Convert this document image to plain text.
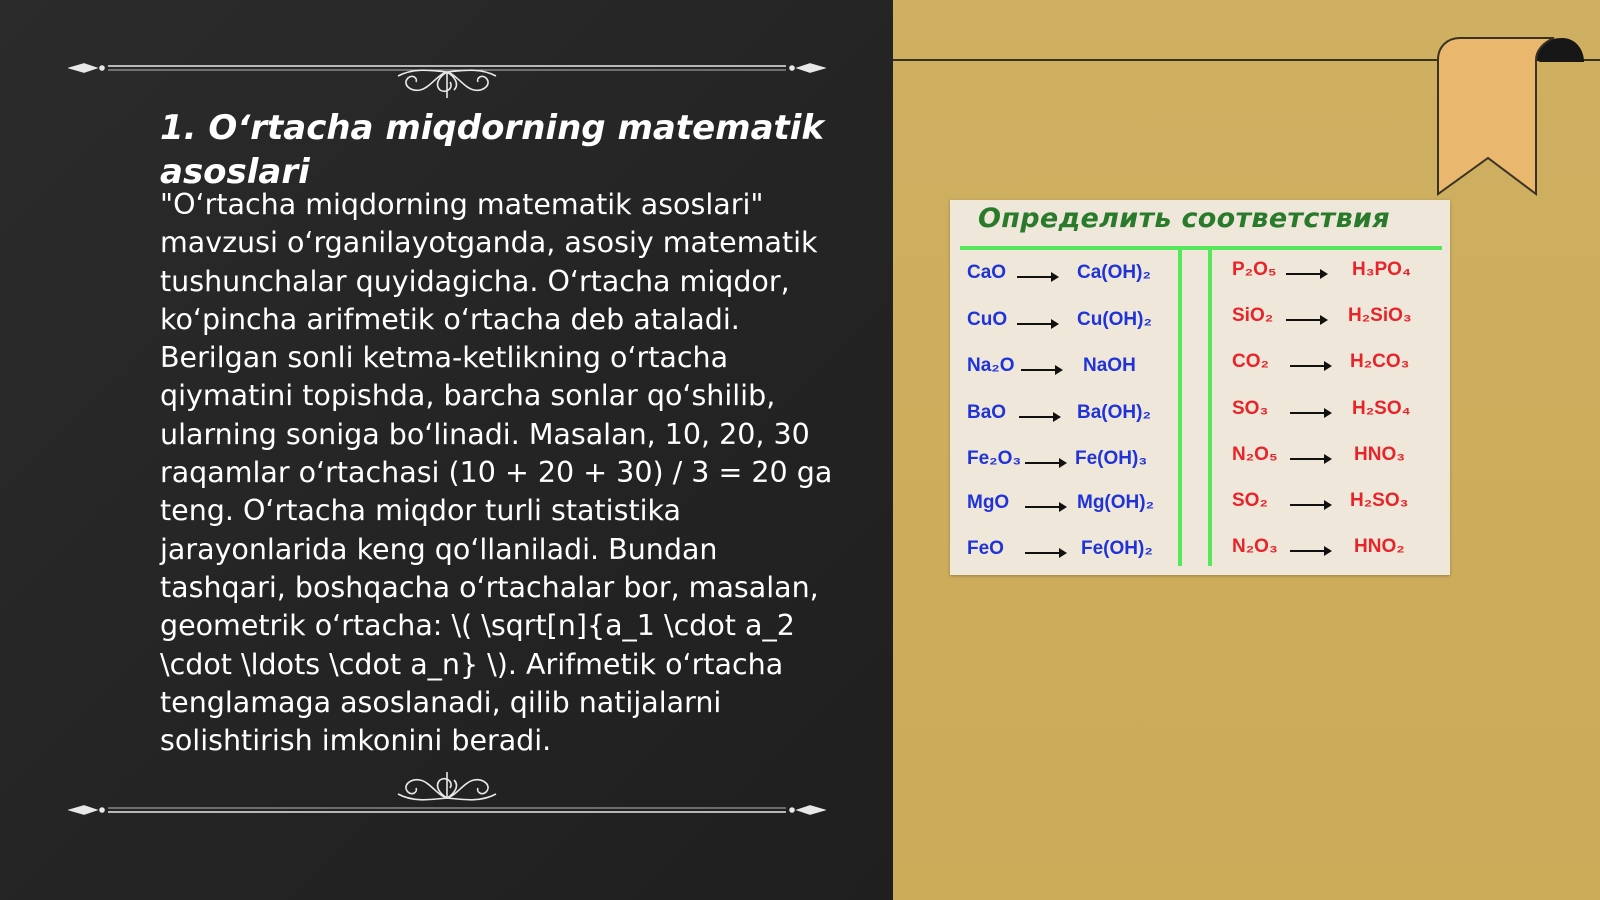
1. O‘rtacha miqdorning matematik asoslari

"O‘rtacha miqdorning matematik asoslari" mavzusi o‘rganilayotganda, asosiy matematik tushunchalar quyidagicha. O‘rtacha miqdor, ko‘pincha arifmetik o‘rtacha deb ataladi. Berilgan sonli ketma-ketlikning o‘rtacha qiymatini topishda, barcha sonlar qo‘shilib, ularning soniga bo‘linadi. Masalan, 10, 20, 30 raqamlar o‘rtachasi (10 + 20 + 30) / 3 = 20 ga teng. O‘rtacha miqdor turli statistika jarayonlarida keng qo‘llaniladi. Bundan tashqari, boshqacha o‘rtachalar bor, masalan, geometrik o‘rtacha: \( \sqrt[n]{a_1 \cdot a_2 \cdot \ldots \cdot a_n} \). Arifmetik o‘rtacha tenglamaga asoslanadi, qilib natijalarni solishtirish imkonini beradi.

Определить соответствия
CaO	Ca(OH)₂
CuO	Cu(OH)₂
Na₂O	NaOH
BaO	Ba(OH)₂
Fe₂O₃	Fe(OH)₃
MgO	Mg(OH)₂
FeO	Fe(OH)₂
P₂O₅	H₃PO₄
SiO₂	H₂SiO₃
CO₂	H₂CO₃
SO₃	H₂SO₄
N₂O₅	HNO₃
SO₂	H₂SO₃
N₂O₃	HNO₂
